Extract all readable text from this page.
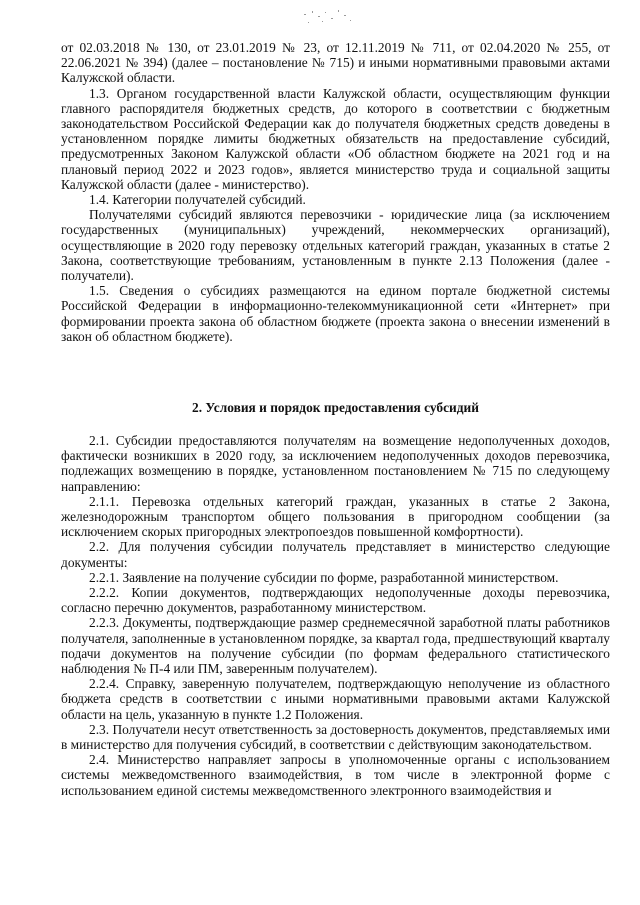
от 02.03.2018 № 130, от 23.01.2019 № 23, от 12.11.2019 № 711, от 02.04.2020 № 255, от 22.06.2021 № 394) (далее – постановление № 715) и иными нормативными правовыми актами Калужской области.

1.3. Органом государственной власти Калужской области, осуществляющим функции главного распорядителя бюджетных средств, до которого в соответствии с бюджетным законодательством Российской Федерации как до получателя бюджетных средств доведены в установленном порядке лимиты бюджетных обязательств на предоставление субсидий, предусмотренных Законом Калужской области «Об областном бюджете на 2021 год и на плановый период 2022 и 2023 годов», является министерство труда и социальной защиты Калужской области (далее - министерство).

1.4. Категории получателей субсидий.

Получателями субсидий являются перевозчики - юридические лица (за исключением государственных (муниципальных) учреждений, некоммерческих организаций), осуществляющие в 2020 году перевозку отдельных категорий граждан, указанных в статье 2 Закона, соответствующие требованиям, установленным в пункте 2.13 Положения (далее - получатели).

1.5. Сведения о субсидиях размещаются на едином портале бюджетной системы Российской Федерации в информационно-телекоммуникационной сети «Интернет» при формировании проекта закона об областном бюджете (проекта закона о внесении изменений в закон об областном бюджете).

2. Условия и порядок предоставления субсидий

2.1. Субсидии предоставляются получателям на возмещение недополученных доходов, фактически возникших в 2020 году, за исключением недополученных доходов перевозчика, подлежащих возмещению в порядке, установленном постановлением № 715 по следующему направлению:

2.1.1. Перевозка отдельных категорий граждан, указанных в статье 2 Закона, железнодорожным транспортом общего пользования в пригородном сообщении (за исключением скорых пригородных электропоездов повышенной комфортности).

2.2. Для получения субсидии получатель представляет в министерство следующие документы:

2.2.1. Заявление на получение субсидии по форме, разработанной министерством.

2.2.2. Копии документов, подтверждающих недополученные доходы перевозчика, согласно перечню документов, разработанному министерством.

2.2.3. Документы, подтверждающие размер среднемесячной заработной платы работников получателя, заполненные в установленном порядке, за квартал года, предшествующий кварталу подачи документов на получение субсидии (по формам федерального статистического наблюдения № П-4 или ПМ, заверенным получателем).

2.2.4. Справку, заверенную получателем, подтверждающую неполучение из областного бюджета средств в соответствии с иными нормативными правовыми актами Калужской области на цель, указанную в пункте 1.2 Положения.

2.3. Получатели несут ответственность за достоверность документов, представляемых ими в министерство для получения субсидий, в соответствии с действующим законодательством.

2.4. Министерство направляет запросы в уполномоченные органы с использованием системы межведомственного взаимодействия, в том числе в электронной форме с использованием единой системы межведомственного электронного взаимодействия и
